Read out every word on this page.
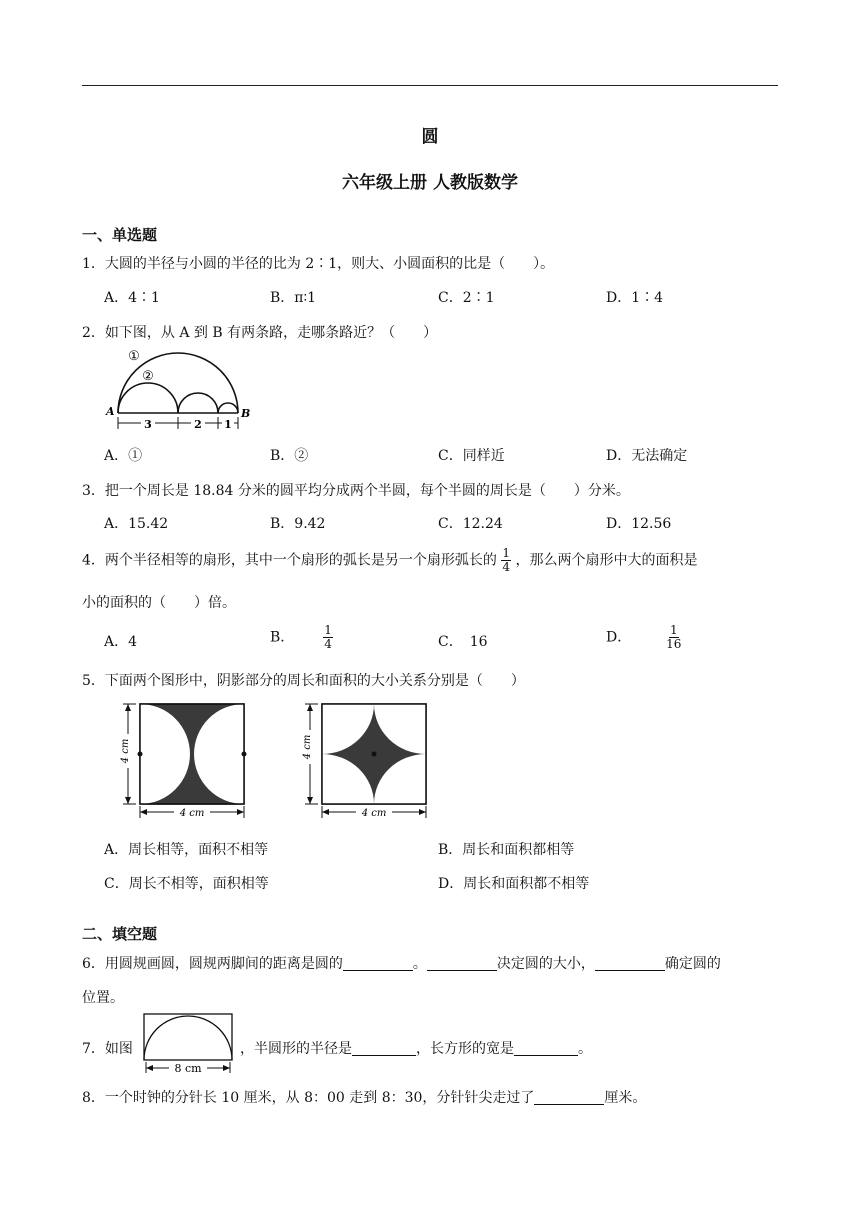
圆
六年级上册 人教版数学
一、单选题
1．大圆的半径与小圆的半径的比为 2∶1，则大、小圆面积的比是（　　）。
A．4∶1	B．π∶1	C．2∶1	D．1∶4
2．如下图，从 A 到 B 有两条路，走哪条路近？（　　）
3	2 1
A	B
①
②
A．①	B．②	C．同样近	D．无法确定
3．把一个周长是 18.84 分米的圆平均分成两个半圆，每个半圆的周长是（　　）分米。
A．15.42	B．9.42	C．12.24	D．12.56
4．两个半径相等的扇形，其中一个扇形的弧长是另一个扇形弧长的 $\frac{1}{4}$ ，那么两个扇形中大的面积是
小的面积的（　　）倍。
A．4	B． $\frac{1}{4}$	C．　16	D．	$\frac{1}{16}$
5．下面两个图形中，阴影部分的周长和面积的大小关系分别是（　　）
4 cm
4 cm
4 cm
4 cm
A．周长相等，面积不相等	B．周长和面积都相等
C．周长不相等，面积相等	D．周长和面积都不相等
二、填空题
6．用圆规画圆，圆规两脚间的距离是圆的	。	决定圆的大小，	确定圆的
位置。
7．如图
8 cm
，半圆形的半径是	，长方形的宽是	。
8．一个时钟的分针长 10 厘米，从 8：00 走到 8：30，分针针尖走过了	厘米。
